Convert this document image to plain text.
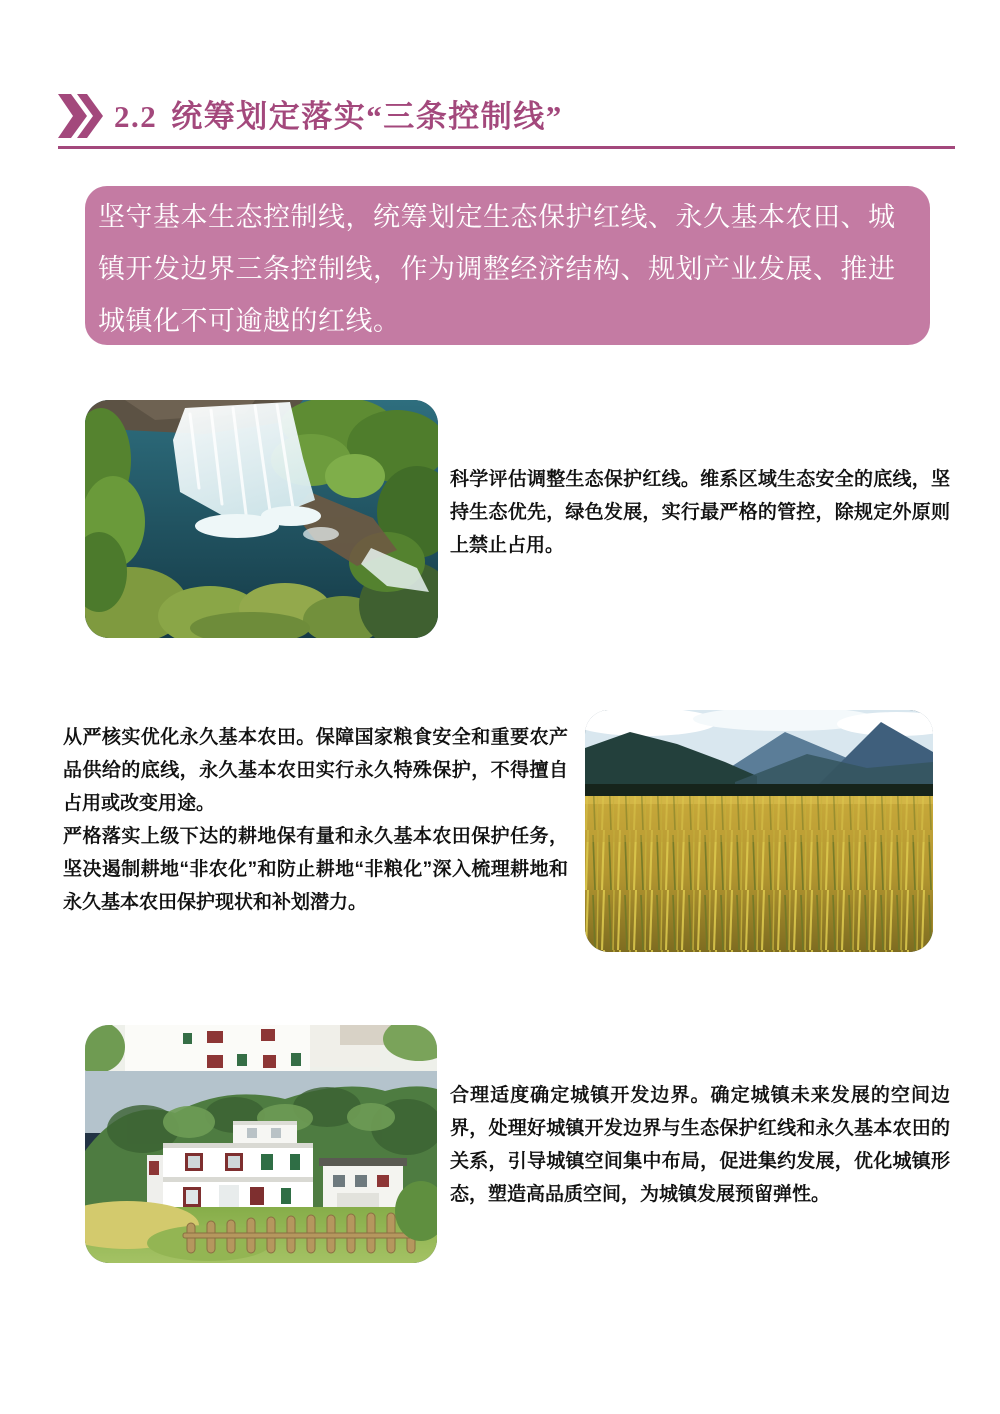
2.2 统筹划定落实“三条控制线”
坚守基本生态控制线，统筹划定生态保护红线、永久基本农田、城镇开发边界三条控制线，作为调整经济结构、规划产业发展、推进城镇化不可逾越的红线。

科学评估调整生态保护红线。维系区域生态安全的底线，坚持生态优先，绿色发展，实行最严格的管控，除规定外原则上禁止占用。

从严核实优化永久基本农田。保障国家粮食安全和重要农产品供给的底线，永久基本农田实行永久特殊保护，不得擅自占用或改变用途。

严格落实上级下达的耕地保有量和永久基本农田保护任务，坚决遏制耕地“非农化”和防止耕地“非粮化”深入梳理耕地和永久基本农田保护现状和补划潜力。

合理适度确定城镇开发边界。确定城镇未来发展的空间边界，处理好城镇开发边界与生态保护红线和永久基本农田的关系，引导城镇空间集中布局，促进集约发展，优化城镇形态，塑造高品质空间，为城镇发展预留弹性。
